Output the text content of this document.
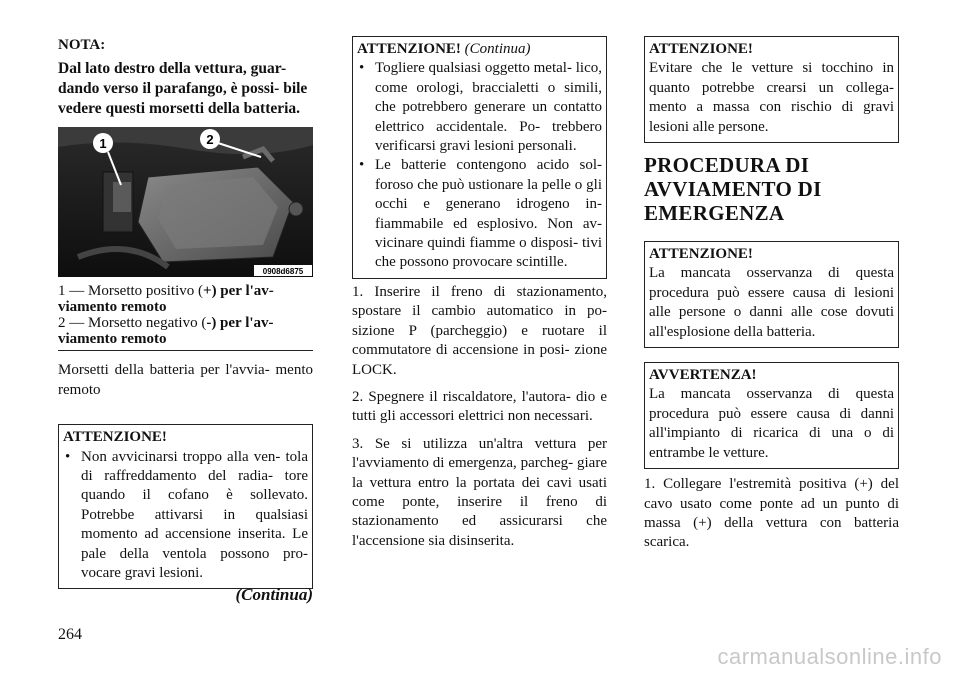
NOTA:

Dal lato destro della vettura, guar- dando verso il parafango, è possi- bile vedere questi morsetti della batteria.

1	2
0908d6875
1 — Morsetto positivo (+) per l'av- viamento remoto
2 — Morsetto negativo (-) per l'av- viamento remoto

Morsetti della batteria per l'avvia- mento remoto

ATTENZIONE!
• Non avvicinarsi troppo alla ven- tola di raffreddamento del radia- tore quando il cofano è sollevato. Potrebbe attivarsi in qualsiasi momento ad accensione inserita. Le pale della ventola possono pro- vocare gravi lesioni.
(Continua)
ATTENZIONE! (Continua)
• Togliere qualsiasi oggetto metal- lico, come orologi, braccialetti o simili, che potrebbero generare un contatto elettrico accidentale. Po- trebbero verificarsi gravi lesioni personali.
• Le batterie contengono acido sol- foroso che può ustionare la pelle o gli occhi e generano idrogeno in- fiammabile ed esplosivo. Non av- vicinare quindi fiamme o disposi- tivi che possono provocare scintille.

1. Inserire il freno di stazionamento, spostare il cambio automatico in po- sizione P (parcheggio) e ruotare il commutatore di accensione in posi- zione LOCK.

2. Spegnere il riscaldatore, l'autora- dio e tutti gli accessori elettrici non necessari.

3. Se si utilizza un'altra vettura per l'avviamento di emergenza, parcheg- giare la vettura entro la portata dei cavi usati come ponte, inserire il freno di stazionamento ed assicurarsi che l'accensione sia disinserita.

ATTENZIONE!

Evitare che le vetture si tocchino in quanto potrebbe crearsi un collega- mento a massa con rischio di gravi lesioni alle persone.

PROCEDURA DI
AVVIAMENTO DI
EMERGENZA
ATTENZIONE!

La mancata osservanza di questa procedura può essere causa di lesioni alle persone o danni alle cose dovuti all'esplosione della batteria.

AVVERTENZA!

La mancata osservanza di questa procedura può essere causa di danni all'impianto di ricarica di una o di entrambe le vetture.

1. Collegare l'estremità positiva (+) del cavo usato come ponte ad un punto di massa (+) della vettura con batteria scarica.

264
carmanualsonline.info
